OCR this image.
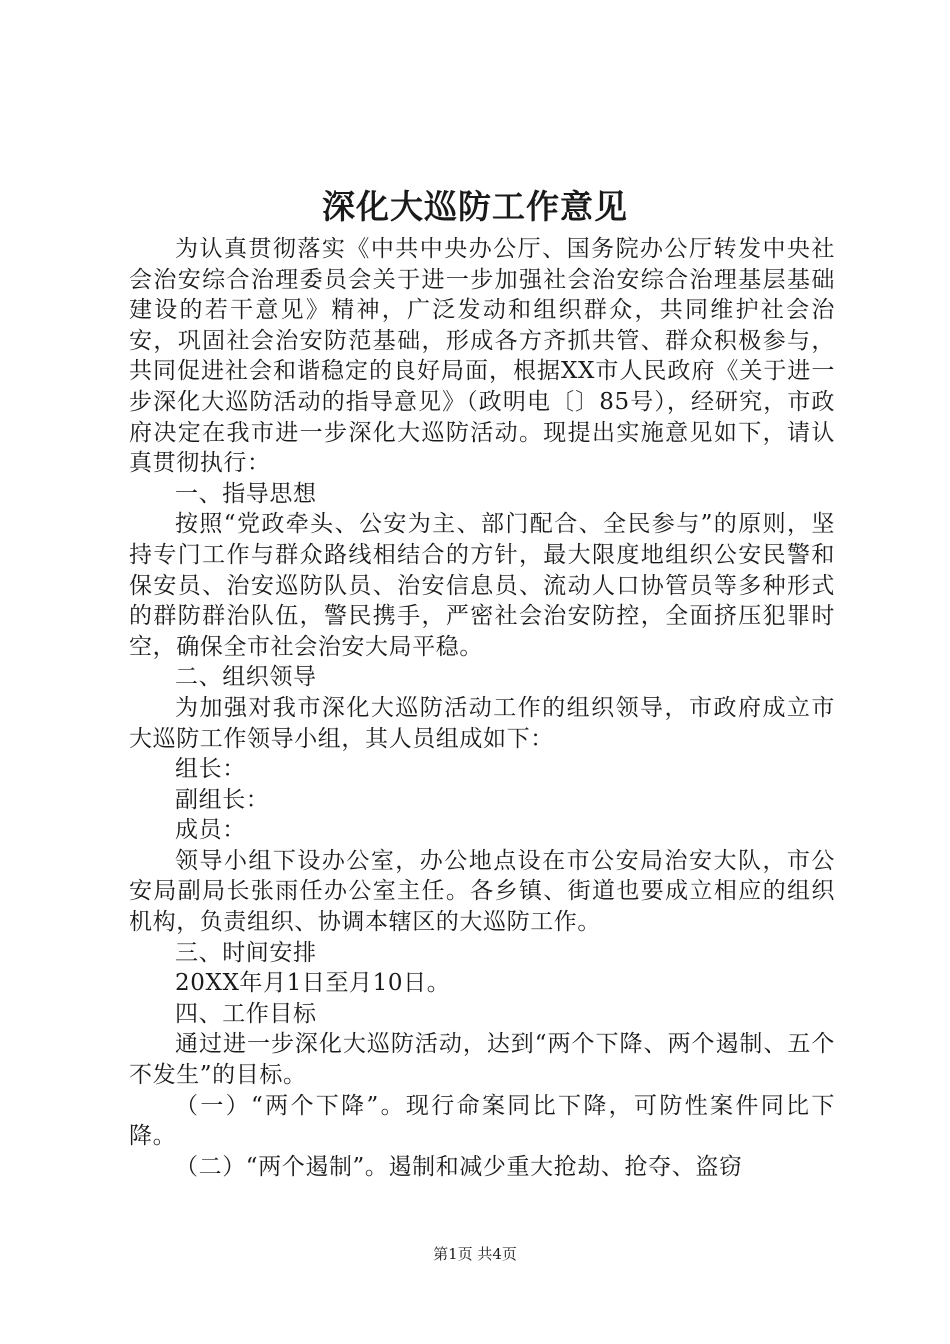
深化大巡防工作意见

为认真贯彻落实《中共中央办公厅、国务院办公厅转发中央社会治安综合治理委员会关于进一步加强社会治安综合治理基层基础建设的若干意见》精神，广泛发动和组织群众，共同维护社会治安，巩固社会治安防范基础，形成各方齐抓共管、群众积极参与，共同促进社会和谐稳定的良好局面，根据XX市人民政府《关于进一步深化大巡防活动的指导意见》（政明电〔〕85号），经研究，市政府决定在我市进一步深化大巡防活动。现提出实施意见如下，请认真贯彻执行：

一、指导思想

按照“党政牵头、公安为主、部门配合、全民参与”的原则，坚持专门工作与群众路线相结合的方针，最大限度地组织公安民警和保安员、治安巡防队员、治安信息员、流动人口协管员等多种形式的群防群治队伍，警民携手，严密社会治安防控，全面挤压犯罪时空，确保全市社会治安大局平稳。

二、组织领导

为加强对我市深化大巡防活动工作的组织领导，市政府成立市大巡防工作领导小组，其人员组成如下：

组长：

副组长：

成员：

领导小组下设办公室，办公地点设在市公安局治安大队，市公安局副局长张雨任办公室主任。各乡镇、街道也要成立相应的组织机构，负责组织、协调本辖区的大巡防工作。

三、时间安排

20XX年月1日至月10日。

四、工作目标

通过进一步深化大巡防活动，达到“两个下降、两个遏制、五个不发生”的目标。

（一）“两个下降”。现行命案同比下降，可防性案件同比下降。

（二）“两个遏制”。遏制和减少重大抢劫、抢夺、盗窃

第1页 共4页
